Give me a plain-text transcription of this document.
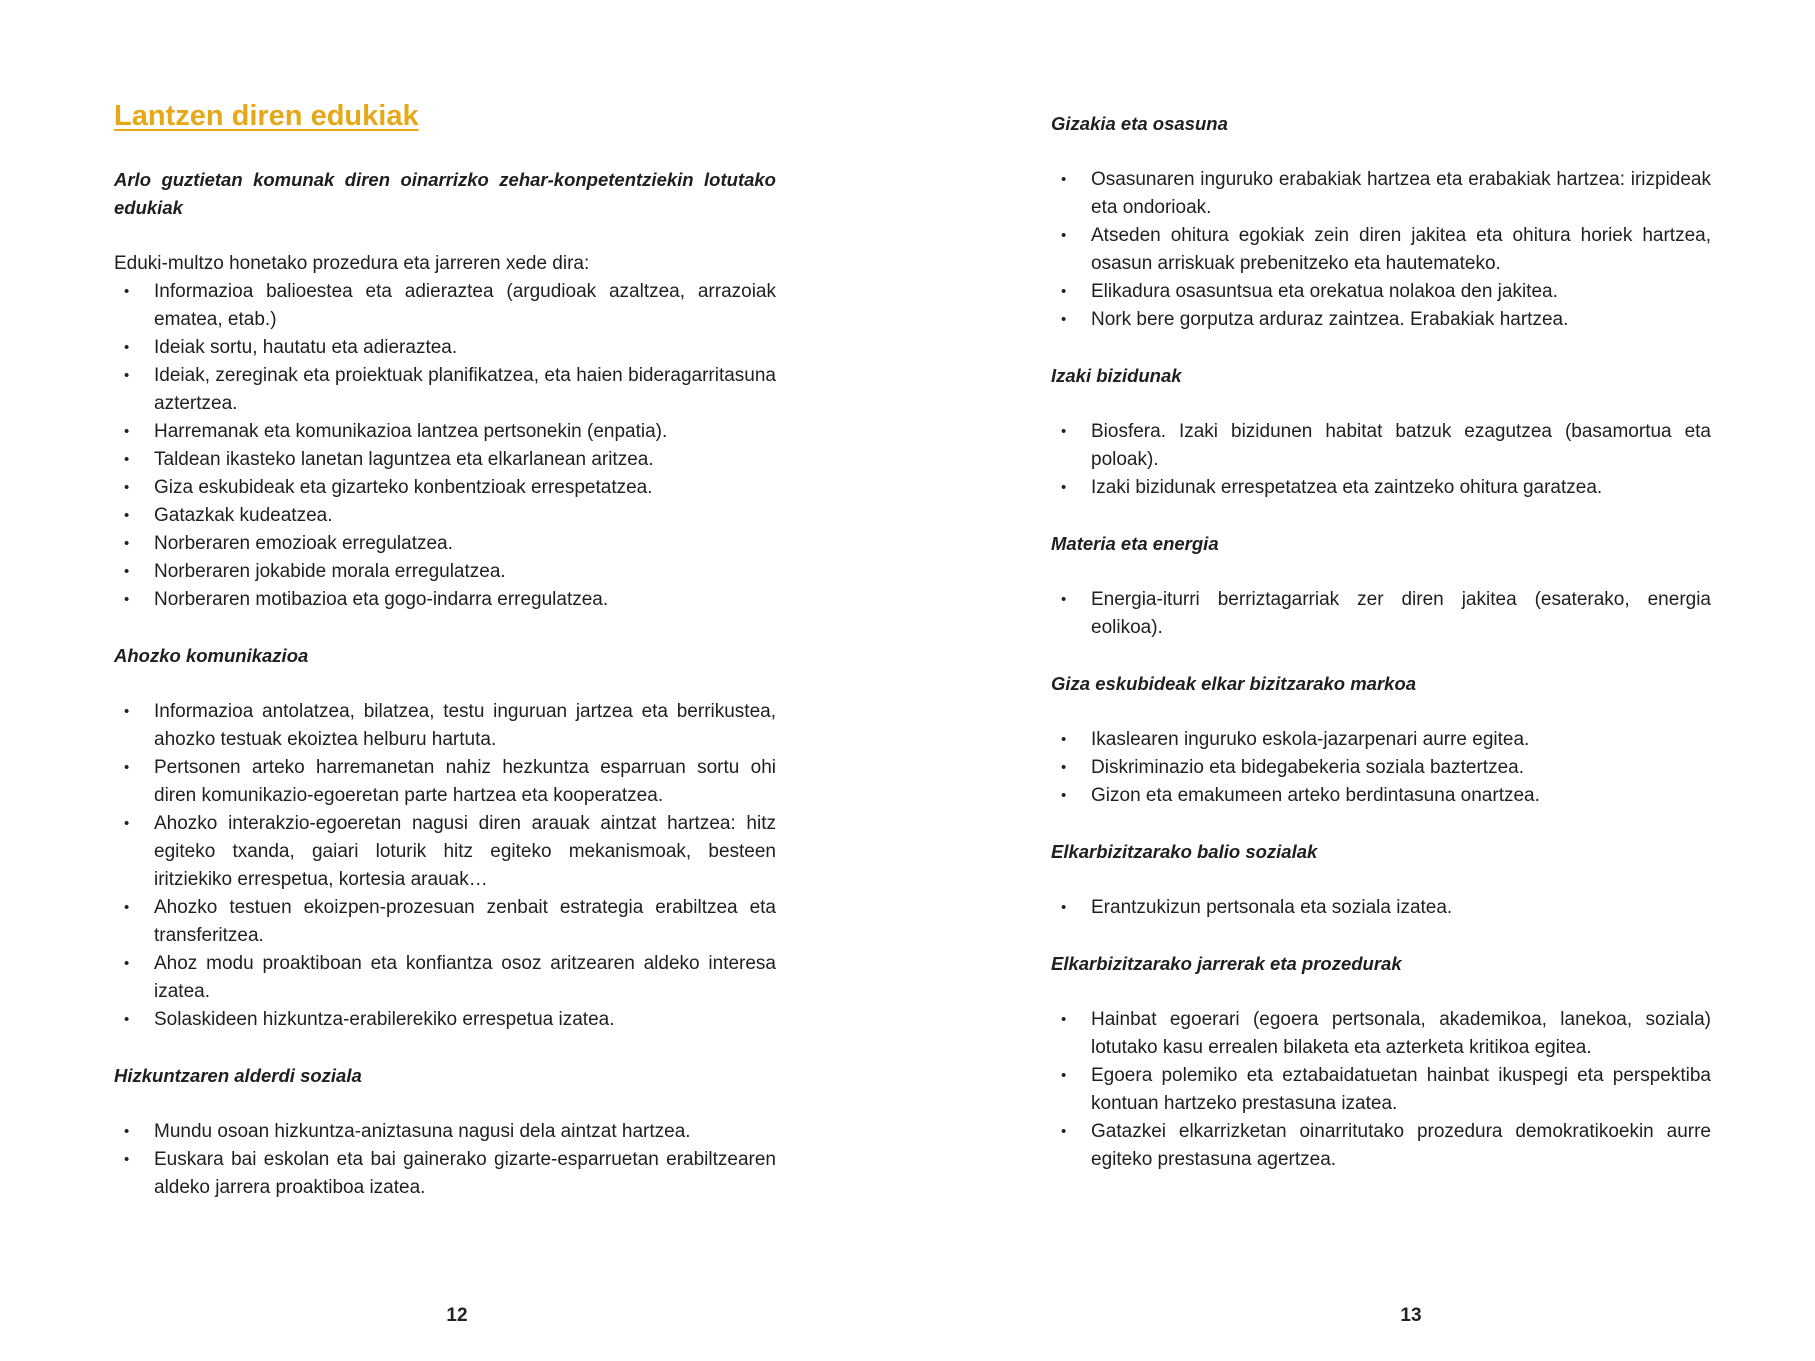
Lantzen diren edukiak

Arlo guztietan komunak diren oinarrizko zehar-konpetentziekin lotutako edukiak

Eduki-multzo honetako prozedura eta jarreren xede dira:

• Informazioa balioestea eta adieraztea (argudioak azaltzea, arrazoiak ematea, etab.)
• Ideiak sortu, hautatu eta adieraztea.
• Ideiak, zereginak eta proiektuak planifikatzea, eta haien bideragarritasuna aztertzea.
• Harremanak eta komunikazioa lantzea pertsonekin (enpatia).
• Taldean ikasteko lanetan laguntzea eta elkarlanean aritzea.
• Giza eskubideak eta gizarteko konbentzioak errespetatzea.
• Gatazkak kudeatzea.
• Norberaren emozioak erregulatzea.
• Norberaren jokabide morala erregulatzea.
• Norberaren motibazioa eta gogo-indarra erregulatzea.

Ahozko komunikazioa

• Informazioa antolatzea, bilatzea, testu inguruan jartzea eta berrikustea, ahozko testuak ekoiztea helburu hartuta.
• Pertsonen arteko harremanetan nahiz hezkuntza esparruan sortu ohi diren komunikazio-egoeretan parte hartzea eta kooperatzea.
• Ahozko interakzio-egoeretan nagusi diren arauak aintzat hartzea: hitz egiteko txanda, gaiari loturik hitz egiteko mekanismoak, besteen iritziekiko errespetua, kortesia arauak…
• Ahozko testuen ekoizpen-prozesuan zenbait estrategia erabiltzea eta transferitzea.
• Ahoz modu proaktiboan eta konfiantza osoz aritzearen aldeko interesa izatea.
• Solaskideen hizkuntza-erabilerekiko errespetua izatea.

Hizkuntzaren alderdi soziala

• Mundu osoan hizkuntza-aniztasuna nagusi dela aintzat hartzea.
• Euskara bai eskolan eta bai gainerako gizarte-esparruetan erabiltzearen aldeko jarrera proaktiboa izatea.
12

Gizakia eta osasuna

• Osasunaren inguruko erabakiak hartzea eta erabakiak hartzea: irizpideak eta ondorioak.
• Atseden ohitura egokiak zein diren jakitea eta ohitura horiek hartzea, osasun arriskuak prebenitzeko eta hautemateko.
• Elikadura osasuntsua eta orekatua nolakoa den jakitea.
• Nork bere gorputza arduraz zaintzea. Erabakiak hartzea.

Izaki bizidunak

• Biosfera. Izaki bizidunen habitat batzuk ezagutzea (basamortua eta poloak).
• Izaki bizidunak errespetatzea eta zaintzeko ohitura garatzea.

Materia eta energia

• Energia-iturri berriztagarriak zer diren jakitea (esaterako, energia eolikoa).

Giza eskubideak elkar bizitzarako markoa

• Ikaslearen inguruko eskola-jazarpenari aurre egitea.
• Diskriminazio eta bidegabekeria soziala baztertzea.
• Gizon eta emakumeen arteko berdintasuna onartzea.

Elkarbizitzarako balio sozialak

• Erantzukizun pertsonala eta soziala izatea.

Elkarbizitzarako jarrerak eta prozedurak

• Hainbat egoerari (egoera pertsonala, akademikoa, lanekoa, soziala) lotutako kasu errealen bilaketa eta azterketa kritikoa egitea.
• Egoera polemiko eta eztabaidatuetan hainbat ikuspegi eta perspektiba kontuan hartzeko prestasuna izatea.
• Gatazkei elkarrizketan oinarritutako prozedura demokratikoekin aurre egiteko prestasuna agertzea.
13
